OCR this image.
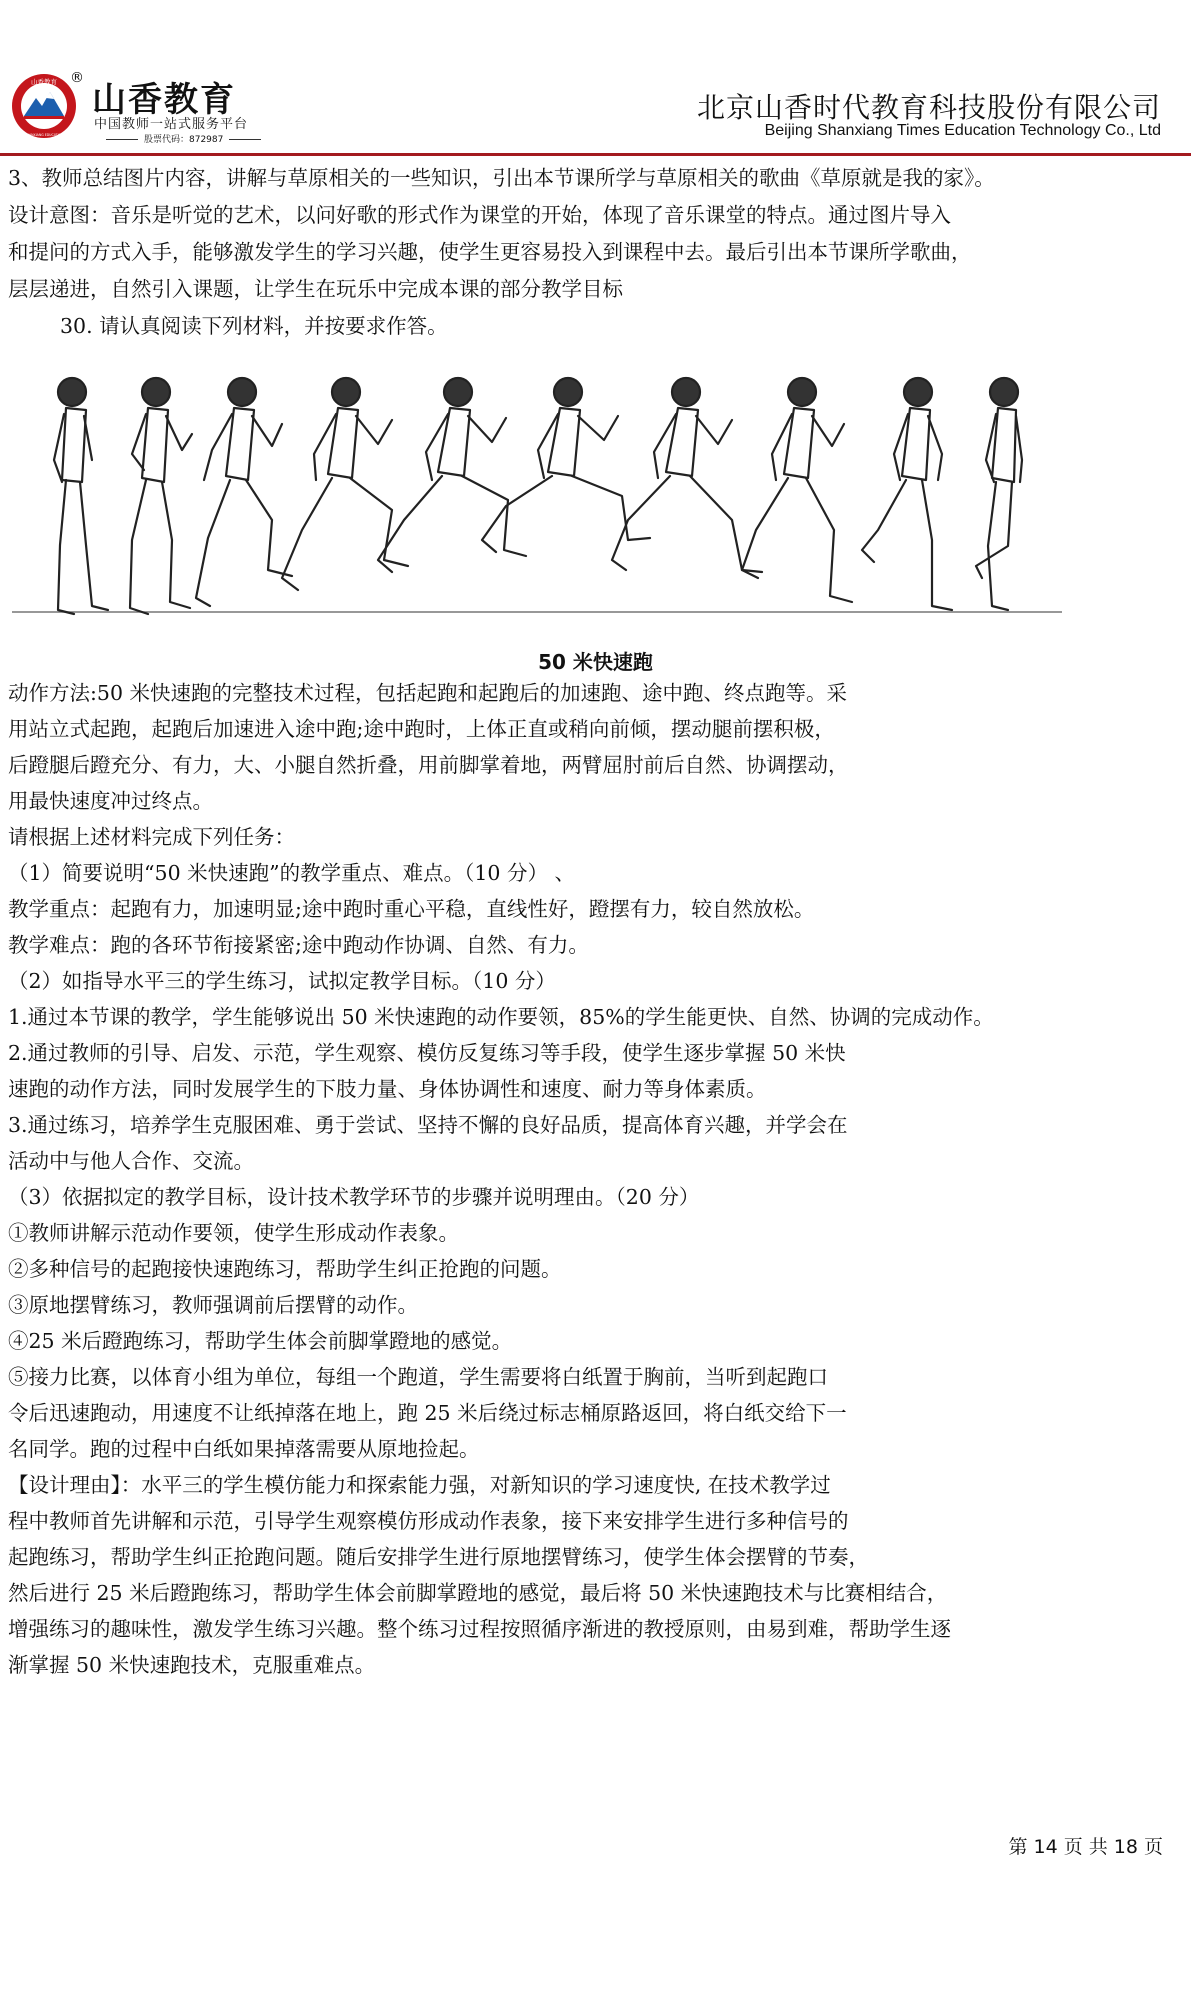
山香教育
SHANXIANG EDUCATION
®
山香教育
中国教师一站式服务平台
股票代码：872987
北京山香时代教育科技股份有限公司
Beijing Shanxiang Times Education Technology Co., Ltd
3、教师总结图片内容，讲解与草原相关的一些知识，引出本节课所学与草原相关的歌曲《草原就是我的家》。
设计意图：音乐是听觉的艺术，以问好歌的形式作为课堂的开始，体现了音乐课堂的特点。通过图片导入
和提问的方式入手，能够激发学生的学习兴趣，使学生更容易投入到课程中去。最后引出本节课所学歌曲，
层层递进，自然引入课题，让学生在玩乐中完成本课的部分教学目标
30. 请认真阅读下列材料，并按要求作答。
50 米快速跑
动作方法:50 米快速跑的完整技术过程，包括起跑和起跑后的加速跑、途中跑、终点跑等。采
用站立式起跑，起跑后加速进入途中跑;途中跑时，上体正直或稍向前倾，摆动腿前摆积极，
后蹬腿后蹬充分、有力，大、小腿自然折叠，用前脚掌着地，两臂屈肘前后自然、协调摆动，
用最快速度冲过终点。
请根据上述材料完成下列任务：
（1）简要说明“50 米快速跑”的教学重点、难点。（10 分） 、
教学重点：起跑有力，加速明显;途中跑时重心平稳，直线性好，蹬摆有力，较自然放松。
教学难点：跑的各环节衔接紧密;途中跑动作协调、自然、有力。
（2）如指导水平三的学生练习，试拟定教学目标。（10 分）
1.通过本节课的教学，学生能够说出 50 米快速跑的动作要领，85%的学生能更快、自然、协调的完成动作。
2.通过教师的引导、启发、示范，学生观察、模仿反复练习等手段，使学生逐步掌握 50 米快
速跑的动作方法，同时发展学生的下肢力量、身体协调性和速度、耐力等身体素质。
3.通过练习，培养学生克服困难、勇于尝试、坚持不懈的良好品质，提高体育兴趣，并学会在
活动中与他人合作、交流。
（3）依据拟定的教学目标，设计技术教学环节的步骤并说明理由。（20 分）
①教师讲解示范动作要领，使学生形成动作表象。
②多种信号的起跑接快速跑练习，帮助学生纠正抢跑的问题。
③原地摆臂练习，教师强调前后摆臂的动作。
④25 米后蹬跑练习，帮助学生体会前脚掌蹬地的感觉。
⑤接力比赛，以体育小组为单位，每组一个跑道，学生需要将白纸置于胸前，当听到起跑口
令后迅速跑动，用速度不让纸掉落在地上，跑 25 米后绕过标志桶原路返回，将白纸交给下一
名同学。跑的过程中白纸如果掉落需要从原地捡起。
【设计理由】：水平三的学生模仿能力和探索能力强，对新知识的学习速度快, 在技术教学过
程中教师首先讲解和示范，引导学生观察模仿形成动作表象，接下来安排学生进行多种信号的
起跑练习，帮助学生纠正抢跑问题。随后安排学生进行原地摆臂练习，使学生体会摆臂的节奏，
然后进行 25 米后蹬跑练习，帮助学生体会前脚掌蹬地的感觉，最后将 50 米快速跑技术与比赛相结合，
增强练习的趣味性，激发学生练习兴趣。整个练习过程按照循序渐进的教授原则，由易到难，帮助学生逐
渐掌握 50 米快速跑技术，克服重难点。
第 14 页 共 18 页
